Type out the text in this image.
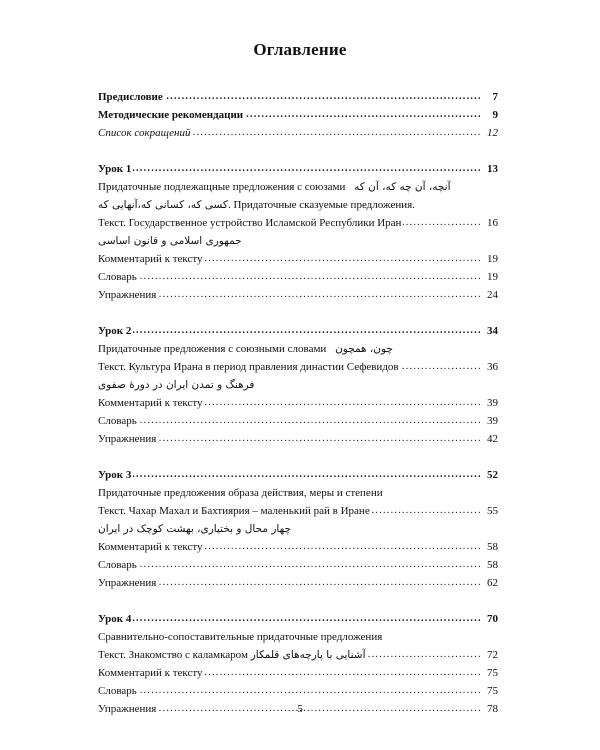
Оглавление
. . . Предисловие	7
. . . Методические рекомендации	9
. . . Список сокращений	12
. . . Урок 1	13
Придаточные подлежащные предложения с союзами آنچه، آن چه که، آن که
کسی که، کسانی که،آنهایی که. Придаточные сказуемые предложения.
. . . Текст. Государственное устройство Исламской Республики Иран	16
جمهوری اسلامی و قانون اساسی
. . . Комментарий к тексту	19
. . . Словарь	19
. . . Упражнения	24
. . . Урок 2	34
Придаточные предложения с союзными словами چون، همچون
. . . Текст. Культура Ирана в период правления династии Сефевидов	36
فرهنگ و تمدن ایران در دورهٔ صفوی
. . . Комментарий к тексту	39
. . . Словарь	39
. . . Упражнения	42
. . . Урок 3	52
Придаточные предложения образа действия, меры и степени
. . . Текст. Чахар Махал и Бахтиярия – маленький рай в Иране	55
چهار محال و بختیاری، بهشت کوچک در ایران
. . . Комментарий к тексту	58
. . . Словарь	58
. . . Упражнения	62
. . . Урок 4	70
Сравнительно-сопоставительные придаточные предложения
. . . Текст. Знакомство с каламкаром آشنایی با پارچه‌های قلمکار	72
. . . Комментарий к тексту	75
. . . Словарь	75
. . . Упражнения	78
5
